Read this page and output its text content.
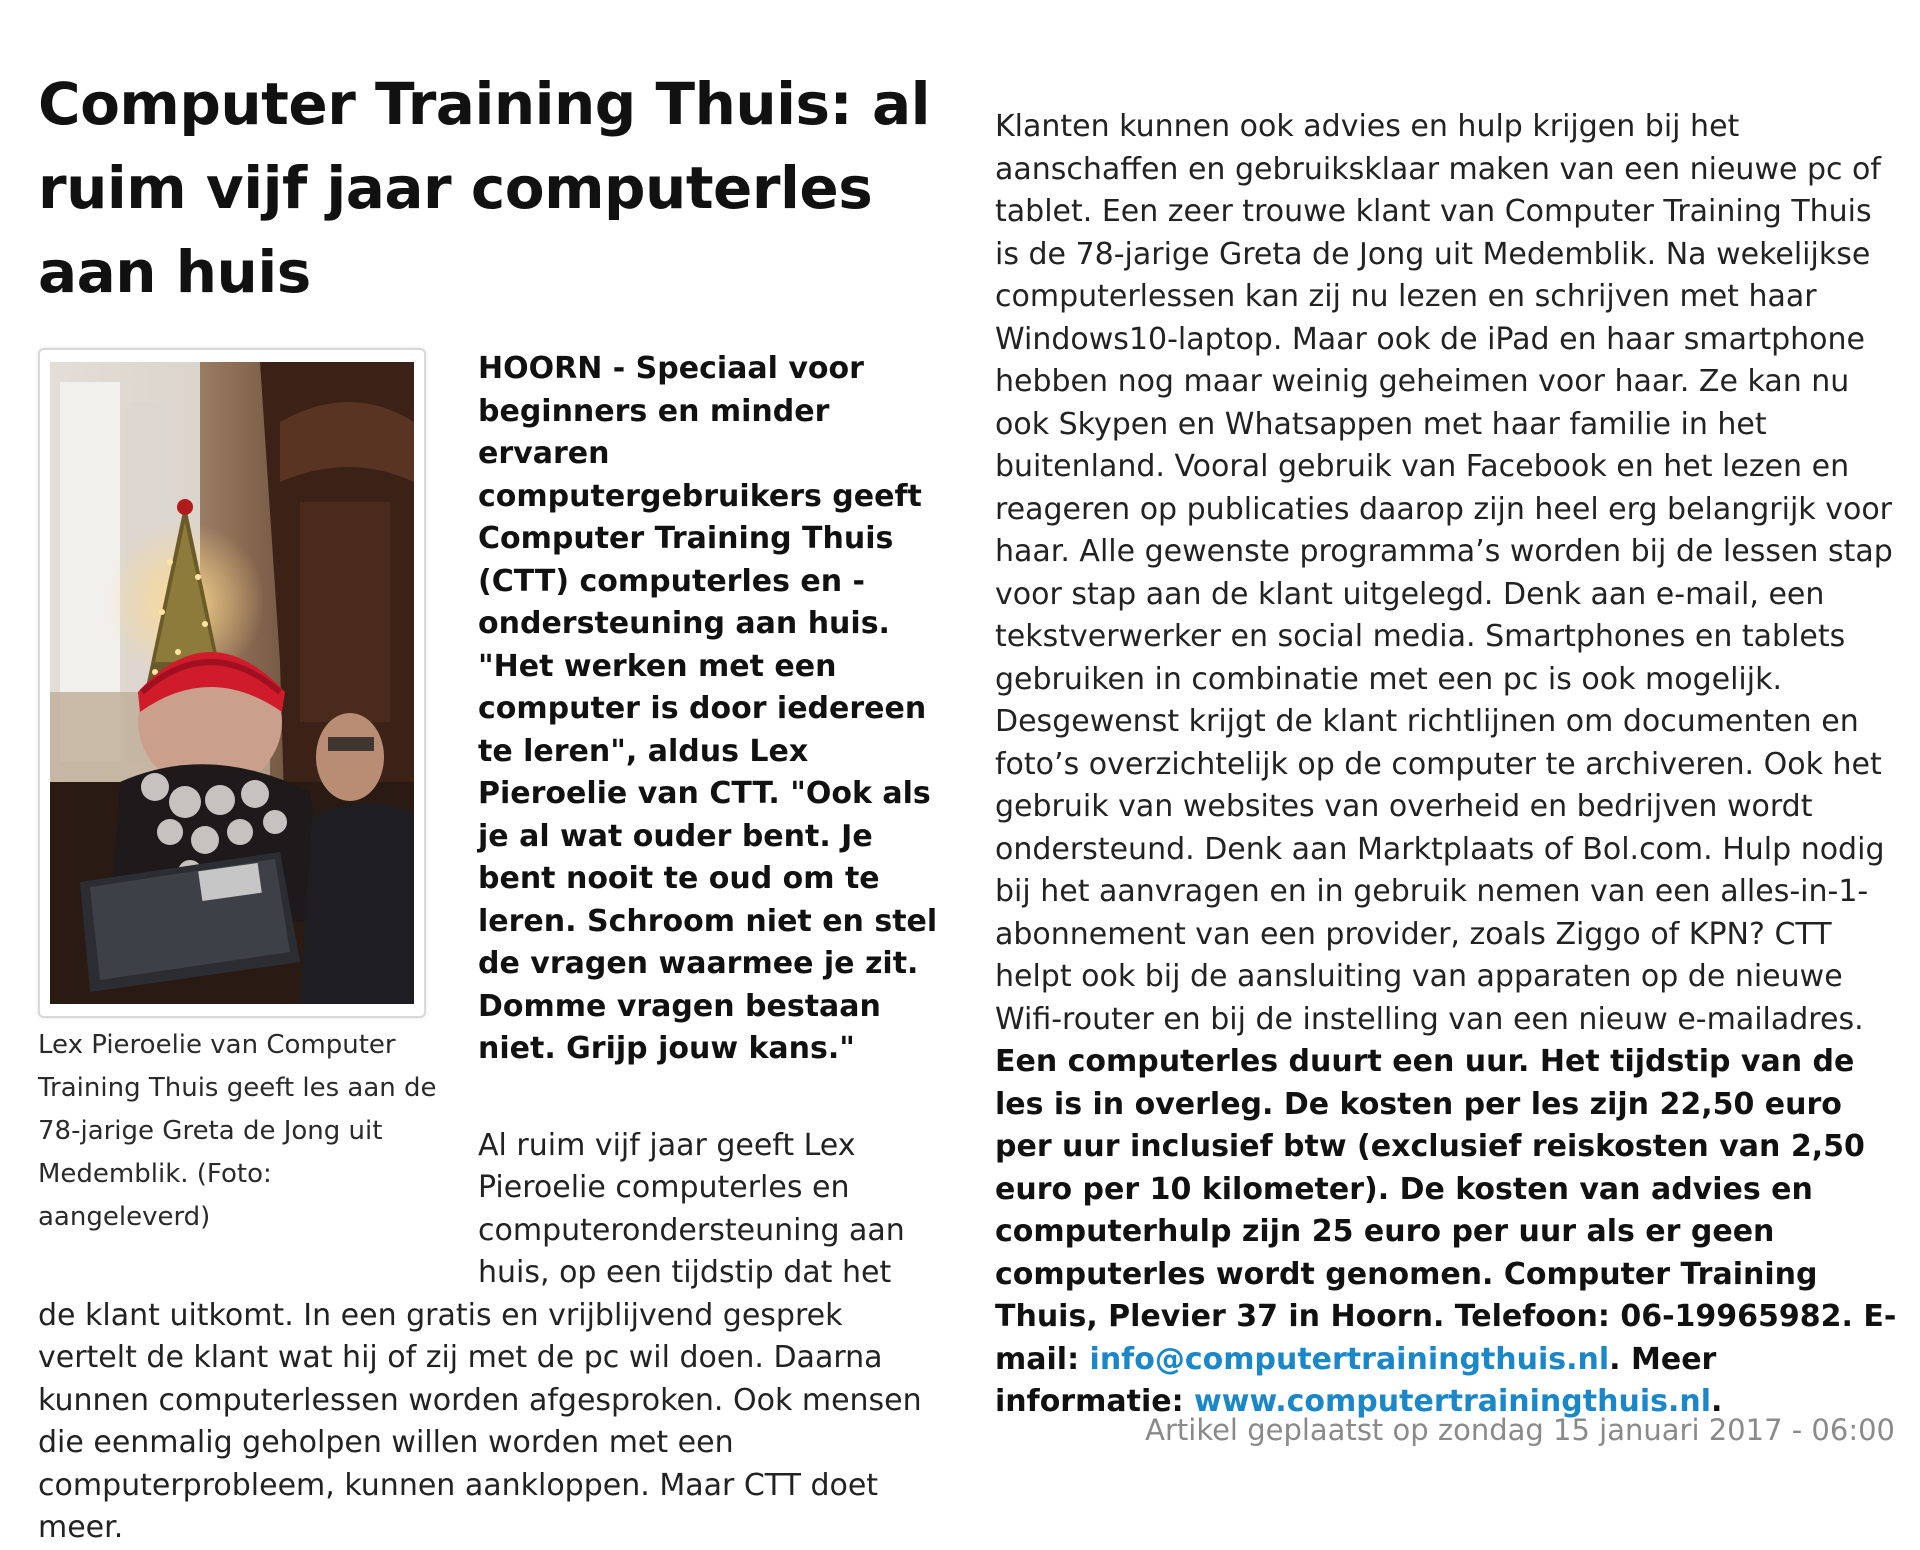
Computer Training Thuis: al ruim vijf jaar computerles aan huis
Lex Pieroelie van Computer Training Thuis geeft les aan de 78-jarige Greta de Jong uit Medemblik. (Foto: aangeleverd)

HOORN - Speciaal voor beginners en minder ervaren computergebruikers geeft Computer Training Thuis (CTT) computerles en -ondersteuning aan huis. "Het werken met een computer is door iedereen te leren", aldus Lex Pieroelie van CTT. "Ook als je al wat ouder bent. Je bent nooit te oud om te leren. Schroom niet en stel de vragen waarmee je zit. Domme vragen bestaan niet. Grijp jouw kans."

Al ruim vijf jaar geeft Lex Pieroelie computerles en computerondersteuning aan huis, op een tijdstip dat het de klant uitkomt. In een gratis en vrijblijvend gesprek vertelt de klant wat hij of zij met de pc wil doen. Daarna kunnen computerlessen worden afgesproken. Ook mensen die eenmalig geholpen willen worden met een computerprobleem, kunnen aankloppen. Maar CTT doet meer.

Klanten kunnen ook advies en hulp krijgen bij het aanschaffen en gebruiksklaar maken van een nieuwe pc of tablet. Een zeer trouwe klant van Computer Training Thuis is de 78-jarige Greta de Jong uit Medemblik. Na wekelijkse computerlessen kan zij nu lezen en schrijven met haar Windows10-laptop. Maar ook de iPad en haar smartphone hebben nog maar weinig geheimen voor haar. Ze kan nu ook Skypen en Whatsappen met haar familie in het buitenland. Vooral gebruik van Facebook en het lezen en reageren op publicaties daarop zijn heel erg belangrijk voor haar. Alle gewenste programma’s worden bij de lessen stap voor stap aan de klant uitgelegd. Denk aan e-mail, een tekstverwerker en social media. Smartphones en tablets gebruiken in combinatie met een pc is ook mogelijk. Desgewenst krijgt de klant richtlijnen om documenten en foto’s overzichtelijk op de computer te archiveren. Ook het gebruik van websites van overheid en bedrijven wordt ondersteund. Denk aan Marktplaats of Bol.com. Hulp nodig bij het aanvragen en in gebruik nemen van een alles-in-1-abonnement van een provider, zoals Ziggo of KPN? CTT helpt ook bij de aansluiting van apparaten op de nieuwe Wifi-router en bij de instelling van een nieuw e-mailadres.

Een computerles duurt een uur. Het tijdstip van de les is in overleg. De kosten per les zijn 22,50 euro per uur inclusief btw (exclusief reiskosten van 2,50 euro per 10 kilometer). De kosten van advies en computerhulp zijn 25 euro per uur als er geen computerles wordt genomen. Computer Training Thuis, Plevier 37 in Hoorn. Telefoon: 06-19965982. E-mail: info@computertrainingthuis.nl. Meer informatie: www.computertrainingthuis.nl.

Artikel geplaatst op zondag 15 januari 2017 - 06:00
